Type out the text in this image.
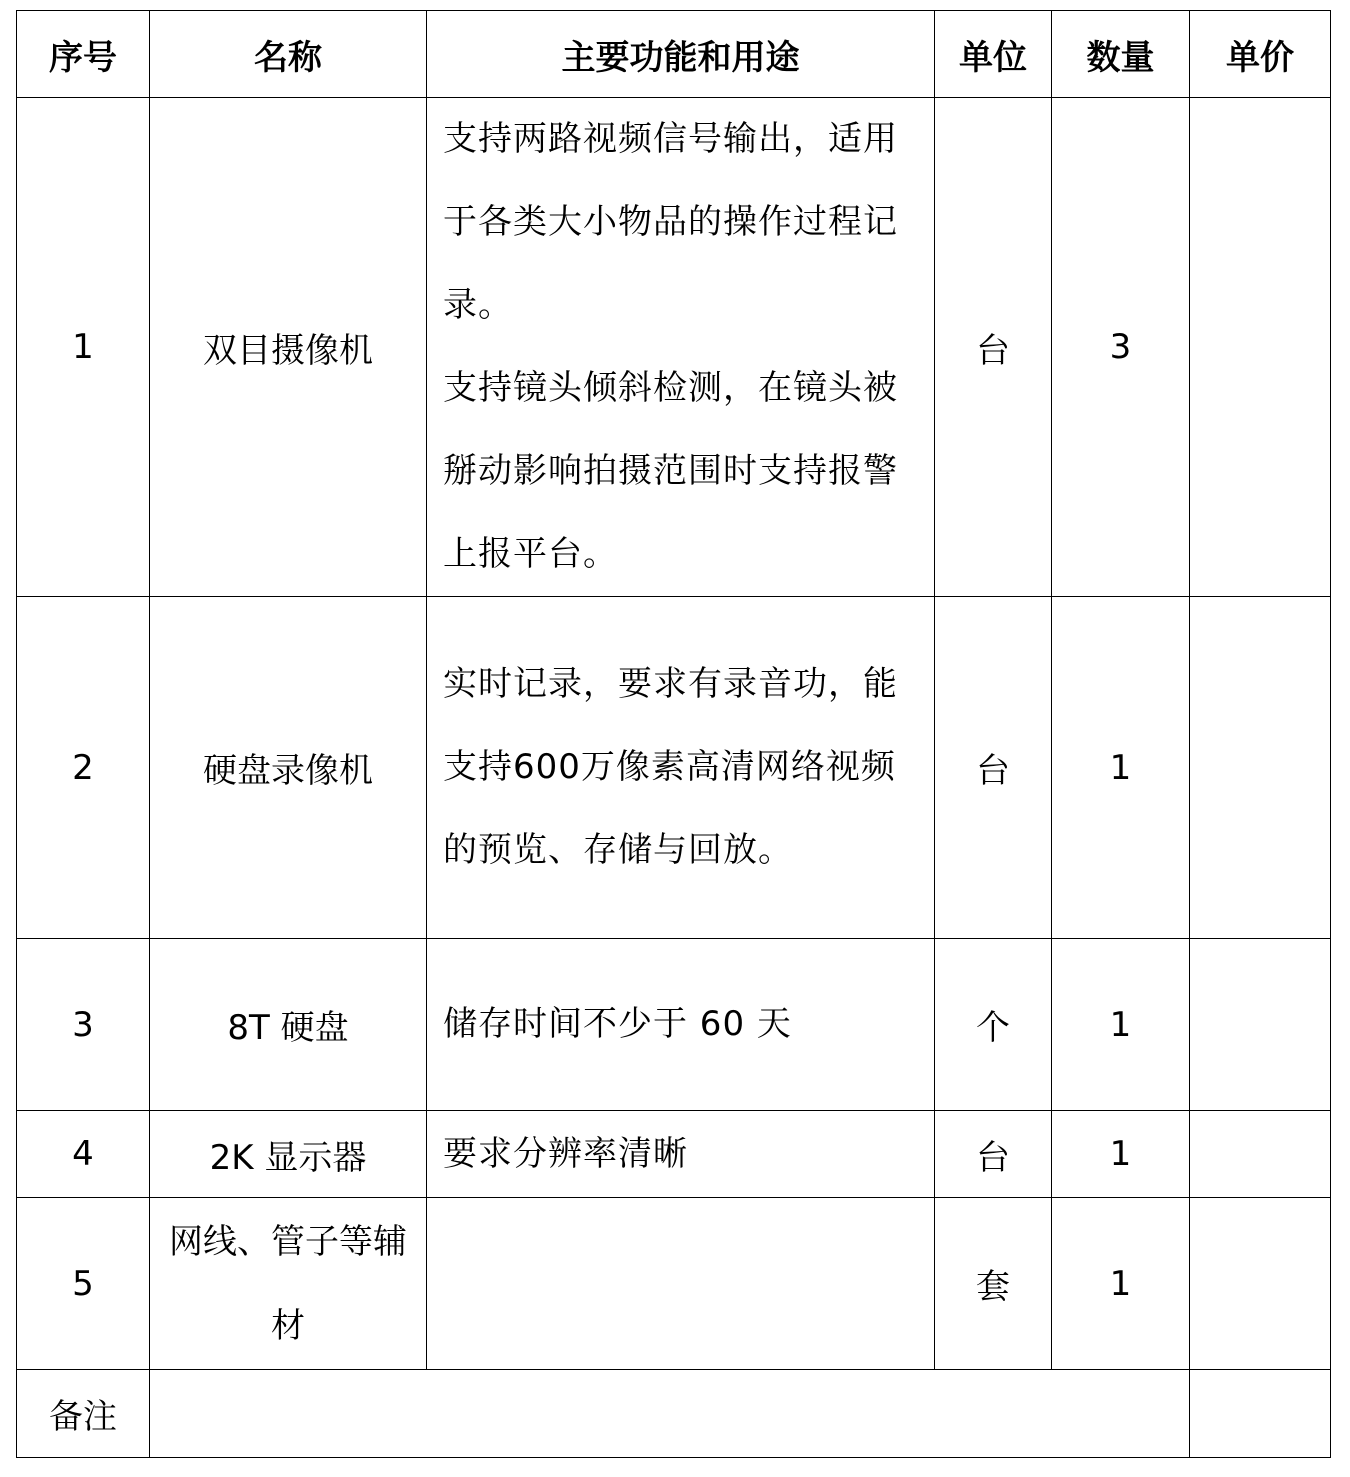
序号	名称	主要功能和用途	单位	数量	单价
1	双目摄像机	支持两路视频信号输出，适用于各类大小物品的操作过程记录。
支持镜头倾斜检测，在镜头被掰动影响拍摄范围时支持报警上报平台。	台	3	
2	硬盘录像机	实时记录，要求有录音功，能支持600万像素高清网络视频的预览、存储与回放。	台	1	
3	8T 硬盘	储存时间不少于 60 天	个	1	
4	2K 显示器	要求分辨率清晰	台	1	
5	网线、管子等辅材		套	1	
备注					
